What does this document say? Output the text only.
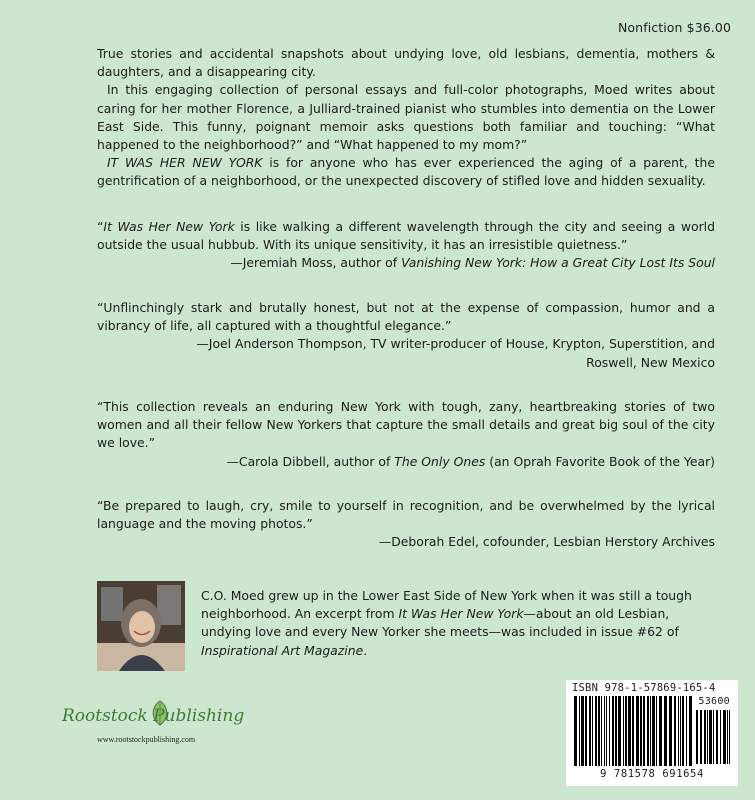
Nonfiction $36.00

True stories and accidental snapshots about undying love, old lesbians, dementia, mothers & daughters, and a disappearing city.

In this engaging collection of personal essays and full-color photographs, Moed writes about caring for her mother Florence, a Julliard-trained pianist who stumbles into dementia on the Lower East Side. This funny, poignant memoir asks questions both familiar and touching: “What happened to the neighborhood?” and “What happened to my mom?”

IT WAS HER NEW YORK is for anyone who has ever experienced the aging of a parent, the gentrification of a neighborhood, or the unexpected discovery of stifled love and hidden sexuality.

“It Was Her New York is like walking a different wavelength through the city and seeing a world outside the usual hubbub. With its unique sensitivity, it has an irresistible quietness.”

—Jeremiah Moss, author of Vanishing New York: How a Great City Lost Its Soul

“Unflinchingly stark and brutally honest, but not at the expense of compassion, humor and a vibrancy of life, all captured with a thoughtful elegance.”

—Joel Anderson Thompson, TV writer-producer of House, Krypton, Superstition, and

Roswell, New Mexico

“This collection reveals an enduring New York with tough, zany, heartbreaking stories of two women and all their fellow New Yorkers that capture the small details and great big soul of the city we love.”

—Carola Dibbell, author of The Only Ones (an Oprah Favorite Book of the Year)

“Be prepared to laugh, cry, smile to yourself in recognition, and be overwhelmed by the lyrical language and the moving photos.”

—Deborah Edel, cofounder, Lesbian Herstory Archives

C.O. Moed grew up in the Lower East Side of New York when it was still a tough neighborhood. An excerpt from It Was Her New York—about an old Lesbian, undying love and every New Yorker she meets—was included in issue #62 of Inspirational Art Magazine.

Rootstock Publishing
www.rootstockpublishing.com
ISBN 978-1-57869-165-4
53600
9 781578 691654
